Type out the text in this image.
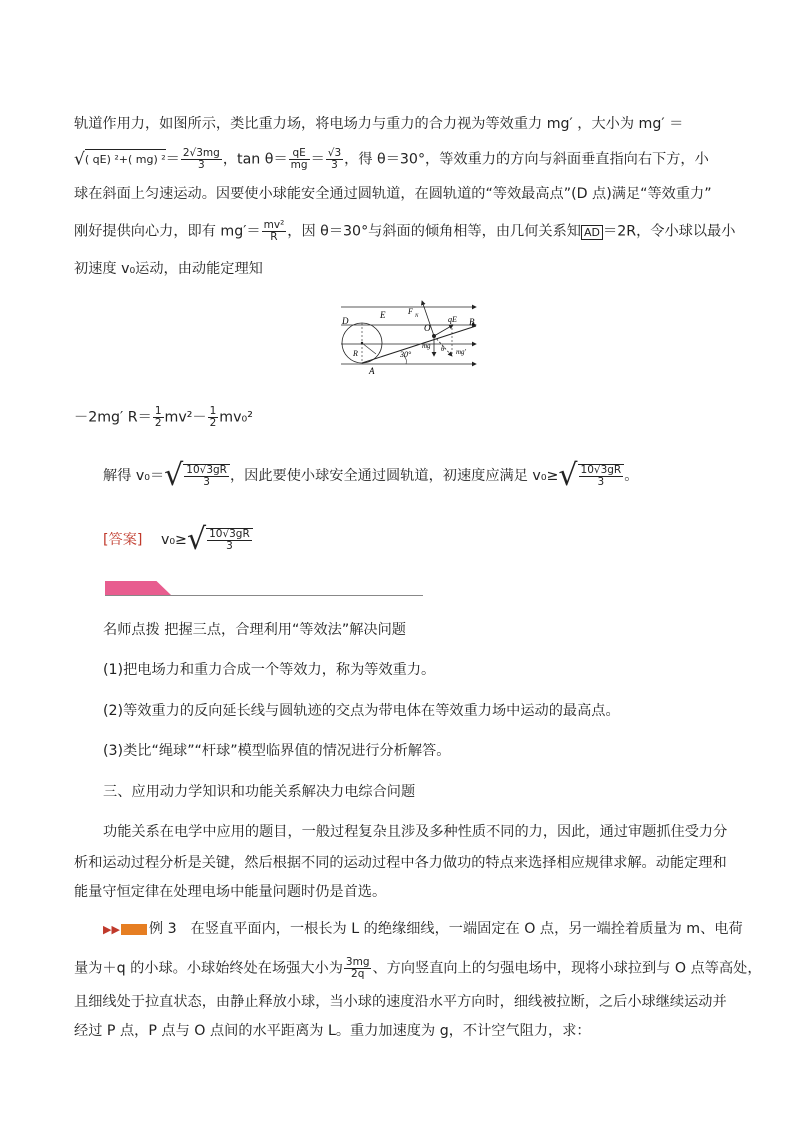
轨道作用力，如图所示，类比重力场，将电场力与重力的合力视为等效重力 mg′ ，大小为 mg′ ＝
√( qE) ²+( mg) $^2= \frac{2√3mg}{3}$ ，$\tan \theta= \frac{qE}{mg} = \frac{√3}{3}$ ，得 θ＝30°，等效重力的方向与斜面垂直指向右下方，小
球在斜面上匀速运动。因要使小球能安全通过圆轨道，在圆轨道的“等效最高点”(D 点)满足“等效重力”
刚好提供向心力，即有 $mg'= \frac{\text{mv²}}{R}$ ，因 θ＝30°与斜面的倾角相等，由几何关系知 AD ＝2R，令小球以最小
初速度 v₀运动，由动能定理知
D
E	F
N
O
qE B
R	30°
mg θ mg′
A
－2mg′ $R= \frac{1}{2} mv^2- \frac{1}{2} mv_0^2$
解得 $v_0=√ \frac{10√3gR}{3}$ ，因此要使小球安全通过圆轨道，初速度应满足 $v_0\ge√ \frac{10√3gR}{3}$ 。
[答案] $v_0\ge√ \frac{10√3gR}{3}$
名师点拨 把握三点，合理利用“等效法”解决问题
(1)把电场力和重力合成一个等效力，称为等效重力。
(2)等效重力的反向延长线与圆轨迹的交点为带电体在等效重力场中运动的最高点。
(3)类比“绳球”“杆球”模型临界值的情况进行分析解答。
三、应用动力学知识和功能关系解决力电综合问题
功能关系在电学中应用的题目，一般过程复杂且涉及多种性质不同的力，因此，通过审题抓住受力分
析和运动过程分析是关键，然后根据不同的运动过程中各力做功的特点来选择相应规律求解。动能定理和
能量守恒定律在处理电场中能量问题时仍是首选。
▶▶ 例 3 在竖直平面内，一根长为 L 的绝缘细线，一端固定在 O 点，另一端拴着质量为 m、电荷
量为＋q 的小球。小球始终处在场强大小为 $\frac{3mg}{2q}$ 、方向竖直向上的匀强电场中，现将小球拉到与 O 点等高处，
且细线处于拉直状态，由静止释放小球，当小球的速度沿水平方向时，细线被拉断，之后小球继续运动并
经过 P 点，P 点与 O 点间的水平距离为 L。重力加速度为 g，不计空气阻力，求：
